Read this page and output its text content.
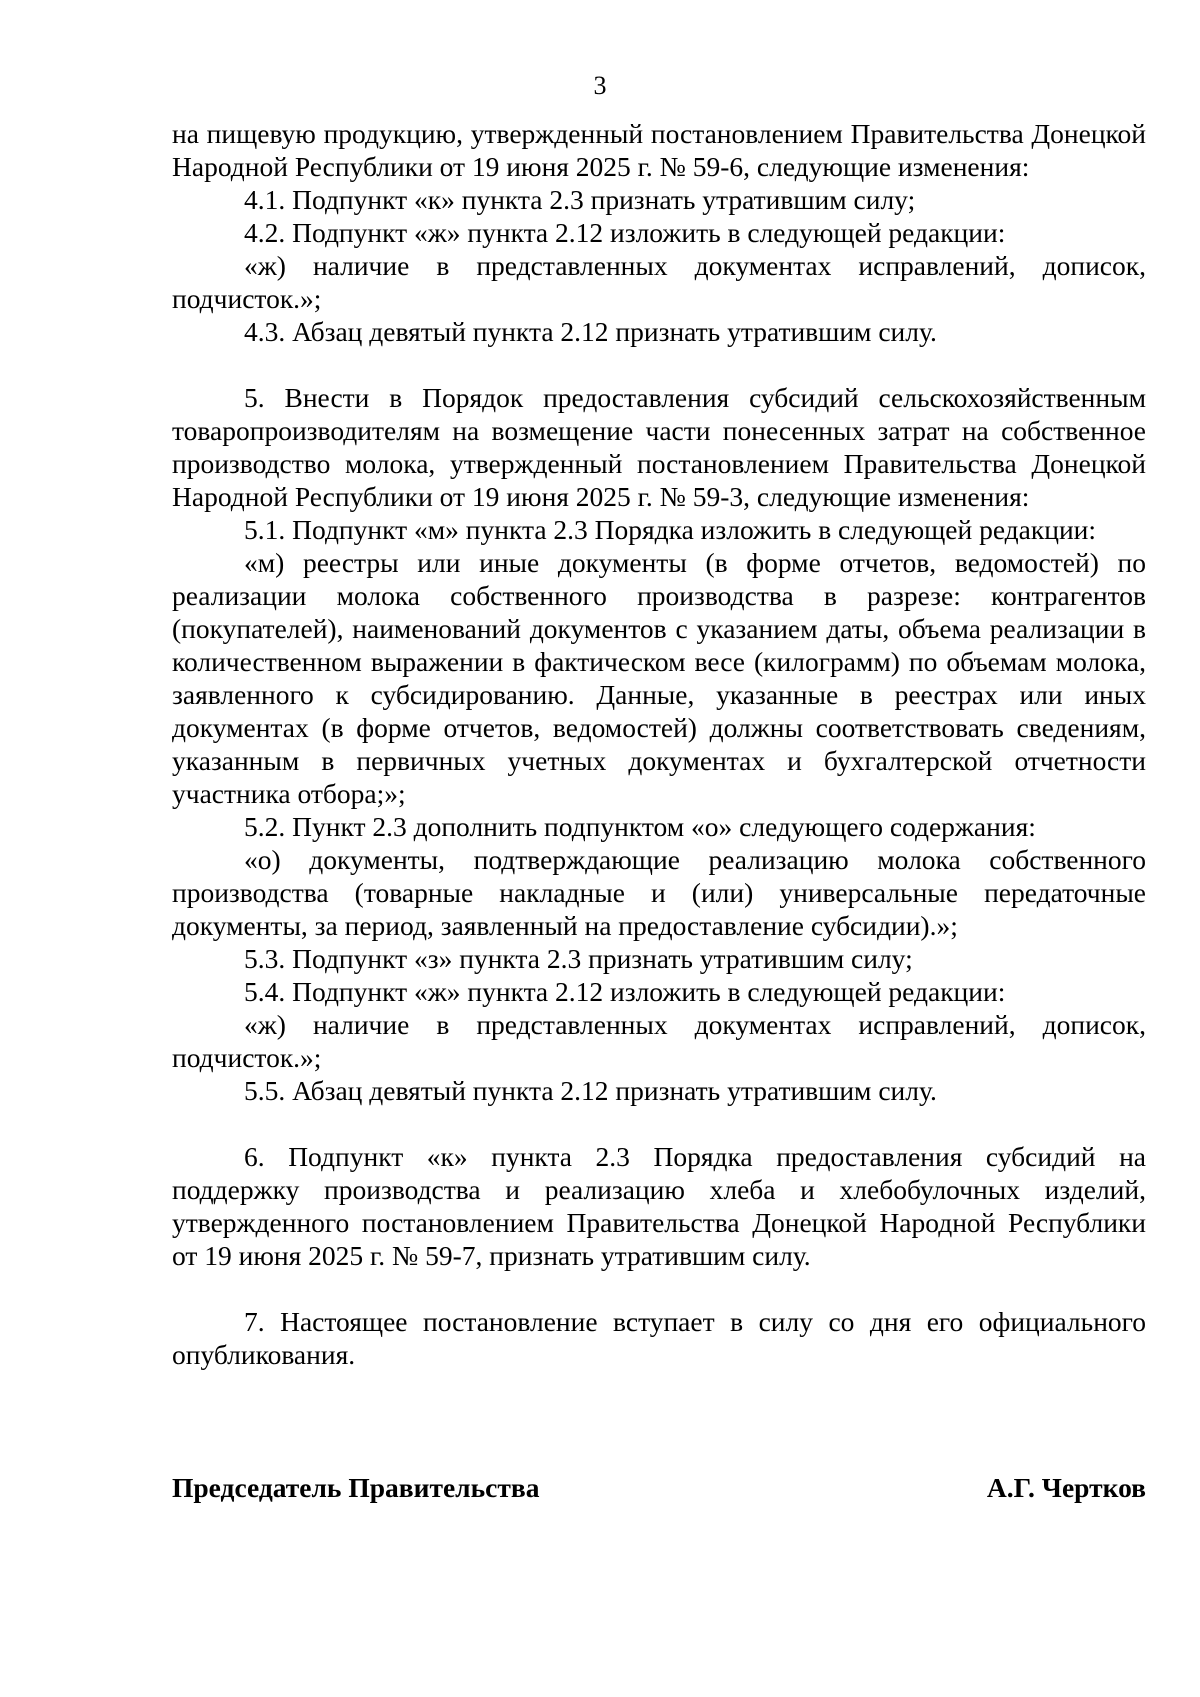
3

на пищевую продукцию, утвержденный постановлением Правительства Донецкой Народной Республики от 19 июня 2025 г. № 59-6, следующие изменения:

4.1. Подпункт «к» пункта 2.3 признать утратившим силу;

4.2. Подпункт «ж» пункта 2.12 изложить в следующей редакции:

«ж) наличие в представленных документах исправлений, дописок, подчисток.»;

4.3. Абзац девятый пункта 2.12 признать утратившим силу.

5. Внести в Порядок предоставления субсидий сельскохозяйственным товаропроизводителям на возмещение части понесенных затрат на собственное производство молока, утвержденный постановлением Правительства Донецкой Народной Республики от 19 июня 2025 г. № 59-3, следующие изменения:

5.1. Подпункт «м» пункта 2.3 Порядка изложить в следующей редакции:

«м) реестры или иные документы (в форме отчетов, ведомостей) по реализации молока собственного производства в разрезе: контрагентов (покупателей), наименований документов с указанием даты, объема реализации в количественном выражении в фактическом весе (килограмм) по объемам молока, заявленного к субсидированию. Данные, указанные в реестрах или иных документах (в форме отчетов, ведомостей) должны соответствовать сведениям, указанным в первичных учетных документах и бухгалтерской отчетности участника отбора;»;

5.2. Пункт 2.3 дополнить подпунктом «о» следующего содержания:

«о) документы, подтверждающие реализацию молока собственного производства (товарные накладные и (или) универсальные передаточные документы, за период, заявленный на предоставление субсидии).»;

5.3. Подпункт «з» пункта 2.3 признать утратившим силу;

5.4. Подпункт «ж» пункта 2.12 изложить в следующей редакции:

«ж) наличие в представленных документах исправлений, дописок, подчисток.»;

5.5. Абзац девятый пункта 2.12 признать утратившим силу.

6. Подпункт «к» пункта 2.3 Порядка предоставления субсидий на поддержку производства и реализацию хлеба и хлебобулочных изделий, утвержденного постановлением Правительства Донецкой Народной Республики от 19 июня 2025 г. № 59-7, признать утратившим силу.

7. Настоящее постановление вступает в силу со дня его официального опубликования.

Председатель Правительства	А.Г. Чертков
